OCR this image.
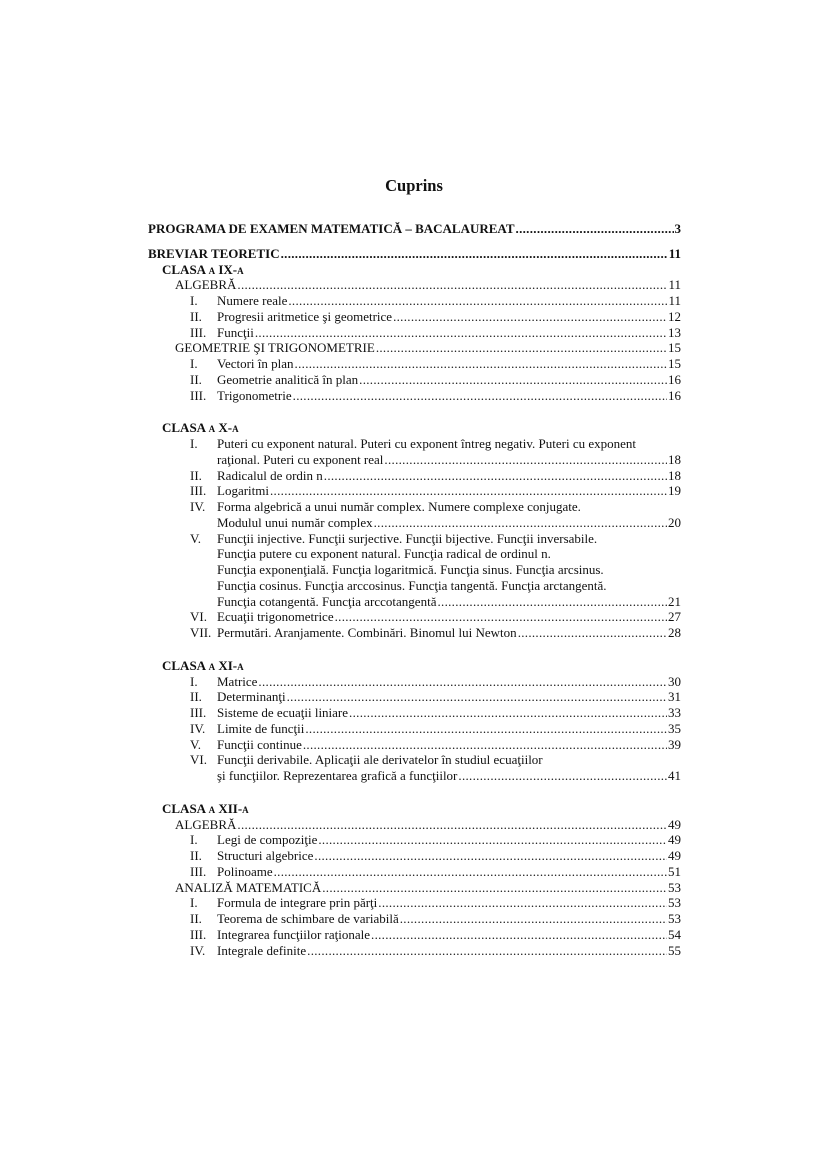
Cuprins
PROGRAMA DE EXAMEN MATEMATICĂ – BACALAUREAT .....	3
BREVIAR TEORETIC .....	11
CLASA a IX-a
ALGEBRĂ .....	11
I. Numere reale .....	11
II. Progresii aritmetice şi geometrice .....	12
III. Funcţii .....	13
GEOMETRIE ŞI TRIGONOMETRIE .....	15
I. Vectori în plan .....	15
II. Geometrie analitică în plan .....	16
III. Trigonometrie .....	16
CLASA a X-a
I. Puteri cu exponent natural. Puteri cu exponent întreg negativ. Puteri cu exponent
raţional. Puteri cu exponent real .....	18
II. Radicalul de ordin n .....	18
III. Logaritmi .....	19
IV. Forma algebrică a unui număr complex. Numere complexe conjugate.
Modulul unui număr complex .....	20
V. Funcţii injective. Funcţii surjective. Funcţii bijective. Funcţii inversabile.
Funcţia putere cu exponent natural. Funcţia radical de ordinul n.
Funcţia exponenţială. Funcţia logaritmică. Funcţia sinus. Funcţia arcsinus.
Funcţia cosinus. Funcţia arccosinus. Funcţia tangentă. Funcţia arctangentă.
Funcţia cotangentă. Funcţia arccotangentă .....	21
VI. Ecuaţii trigonometrice .....	27
VII. Permutări. Aranjamente. Combinări. Binomul lui Newton .....	28
CLASA a XI-a
I. Matrice .....	30
II. Determinanţi .....	31
III. Sisteme de ecuaţii liniare .....	33
IV. Limite de funcţii .....	35
V. Funcţii continue .....	39
VI. Funcţii derivabile. Aplicaţii ale derivatelor în studiul ecuaţiilor
şi funcţiilor. Reprezentarea grafică a funcţiilor .....	41
CLASA a XII-a
ALGEBRĂ .....	49
I. Legi de compoziţie .....	49
II. Structuri algebrice .....	49
III. Polinoame .....	51
ANALIZĂ MATEMATICĂ .....	53
I. Formula de integrare prin părţi .....	53
II. Teorema de schimbare de variabilă .....	53
III. Integrarea funcţiilor raţionale .....	54
IV. Integrale definite .....	55
